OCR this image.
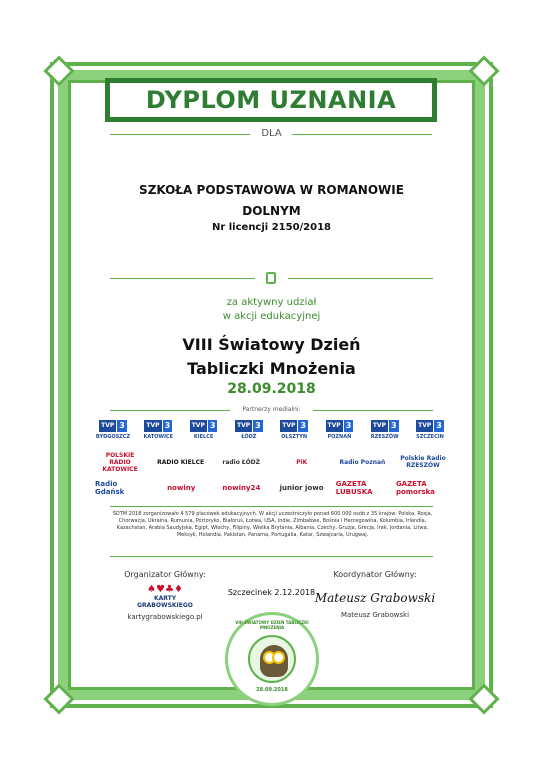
DYPLOM UZNANIA
DLA
SZKOŁA PODSTAWOWA W ROMANOWIE
DOLNYM
Nr licencji 2150/2018
za aktywny udział
w akcji edukacyjnej
VIII Światowy Dzień
Tabliczki Mnożenia
28.09.2018
Partnerzy medialni:
TVP 3
BYDGOSZCZ
TVP 3
KATOWICE
TVP 3
KIELCE
TVP 3
ŁÓDŹ
TVP 3
OLSZTYN
TVP 3
POZNAŃ
TVP 3
RZESZÓW
TVP 3
SZCZECIN
POLSKIE RADIO KATOWICE
RADIO KIELCE	radio ŁÓDŹ	PiK	Radio Poznań	Polskie Radio RZESZÓW
Radio Gdańsk	nowiny	nowiny24	junior jowo	GAZETA LUBUSKA
GAZETA pomorska
ŚDTM 2018 zorganizowało 4 579 placówek edukacyjnych. W akcji uczestniczyło ponad 600 000 osób z 35 krajów: Polska, Rosja, Chorwacja, Ukraina, Rumunia, Portoryko, Białoruś, Łotwa, USA, Indie, Zimbabwe, Bośnia i Hercegowina, Kolumbia, Irlandia, Kazachstan, Arabia Saudyjska, Egipt, Włochy, Filipiny, Wielka Brytania, Albania, Czechy, Gruzja, Grecja, Irak, Jordania, Litwa, Meksyk, Holandia, Pakistan, Panama, Portugalia, Katar, Szwajcaria, Urugwaj.
Organizator Główny:
♠♥♣♦
KARTY
GRABOWSKIEGO
kartygrabowskiego.pl
Szczecinek 2.12.2018
Koordynator Główny:
Mateusz Grabowski
Mateusz Grabowski
VIII ŚWIATOWY DZIEŃ TABLICZKI MNOŻENIA
28.09.2018
